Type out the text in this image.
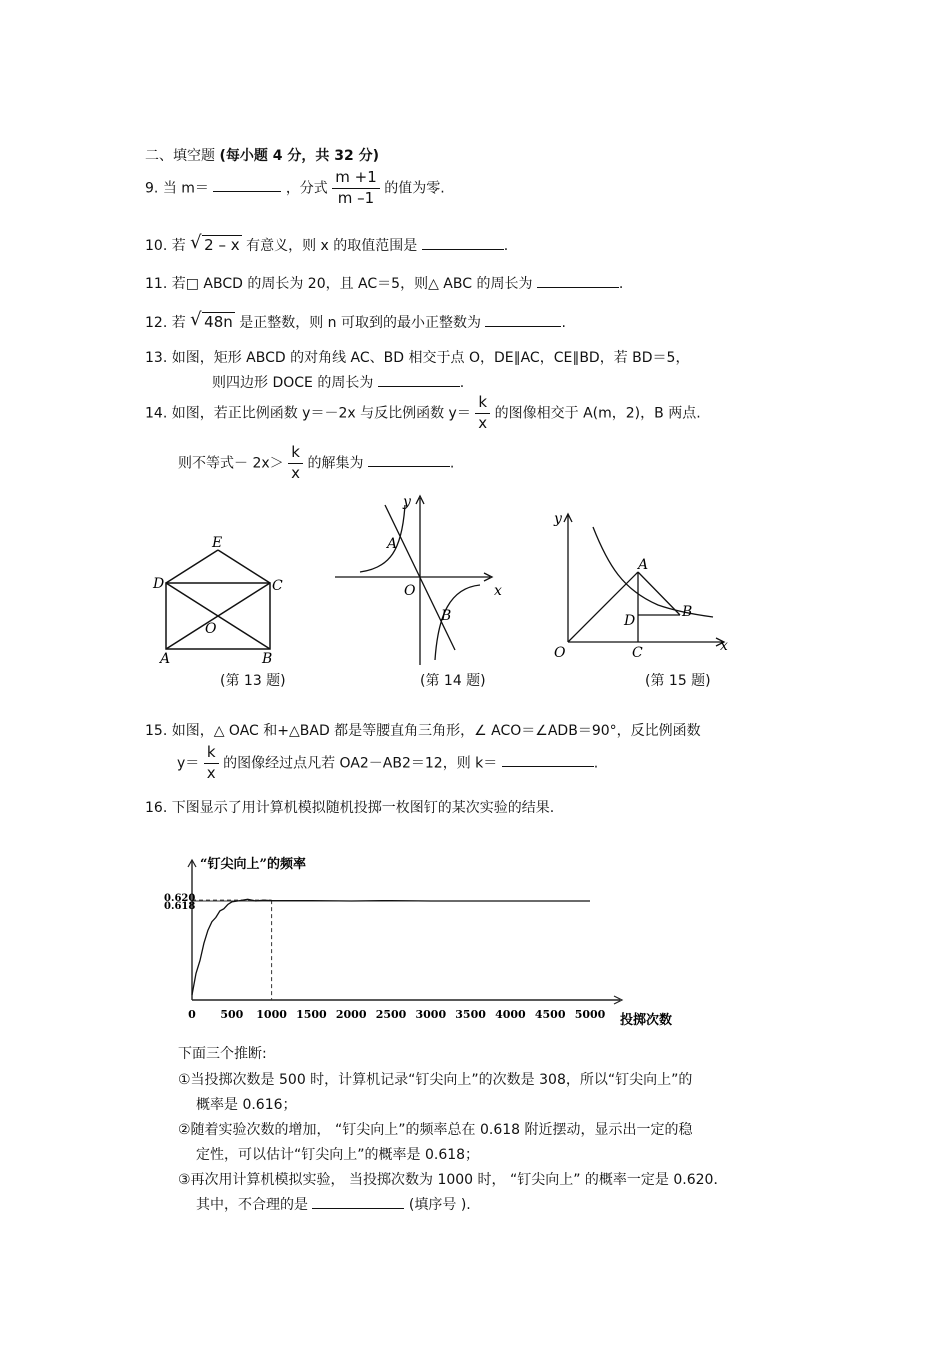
二、填空题 (每小题 4 分，共 32 分)
9. 当 m＝	，分式 $\frac{m +1}{m -1}$ 的值为零.
10. 若 √ 2 – x 有意义，则 x 的取值范围是	.
11. 若□ ABCD 的周长为 20，且 AC＝5，则△ ABC 的周长为	.
12. 若 √ 48n 是正整数，则 n 可取到的最小正整数为	.
13. 如图，矩形 ABCD 的对角线 AC、BD 相交于点 O，DE∥AC，CE∥BD，若 BD＝5，
则四边形 DOCE 的周长为	.
14. 如图，若正比例函数 y＝－2x 与反比例函数 $y= \frac{k}{x}$ 的图像相交于 A(m，2)，B 两点.
则不等式－ $2x> \frac{k}{x}$ 的解集为	.
E
D	C
O
A	B
(第 13 题)
y
A
O	x
B
(第 14 题)
y
A
D
B
O	C	x
(第 15 题)
15. 如图，△ OAC 和+△BAD 都是等腰直角三角形，∠ ACO＝∠ADB＝90°，反比例函数
$y= \frac{k}{x}$ 的图像经过点凡若 OA2－AB2＝12，则 k＝	.
16. 下图显示了用计算机模拟随机投掷一枚图钉的某次实验的结果.
“钉尖向上”的频率
投掷次数
0.620
0.618
0 500 1000 1500 2000 2500 3000 3500 4000 4500 5000
下面三个推断:
①当投掷次数是 500 时，计算机记录“钉尖向上”的次数是 308，所以“钉尖向上”的
概率是 0.616；
②随着实验次数的增加， “钉尖向上”的频率总在 0.618 附近摆动，显示出一定的稳
定性，可以估计“钉尖向上”的概率是 0.618；
③再次用计算机模拟实验， 当投掷次数为 1000 时， “钉尖向上” 的概率一定是 0.620．
其中，不合理的是	(填序号 ).
